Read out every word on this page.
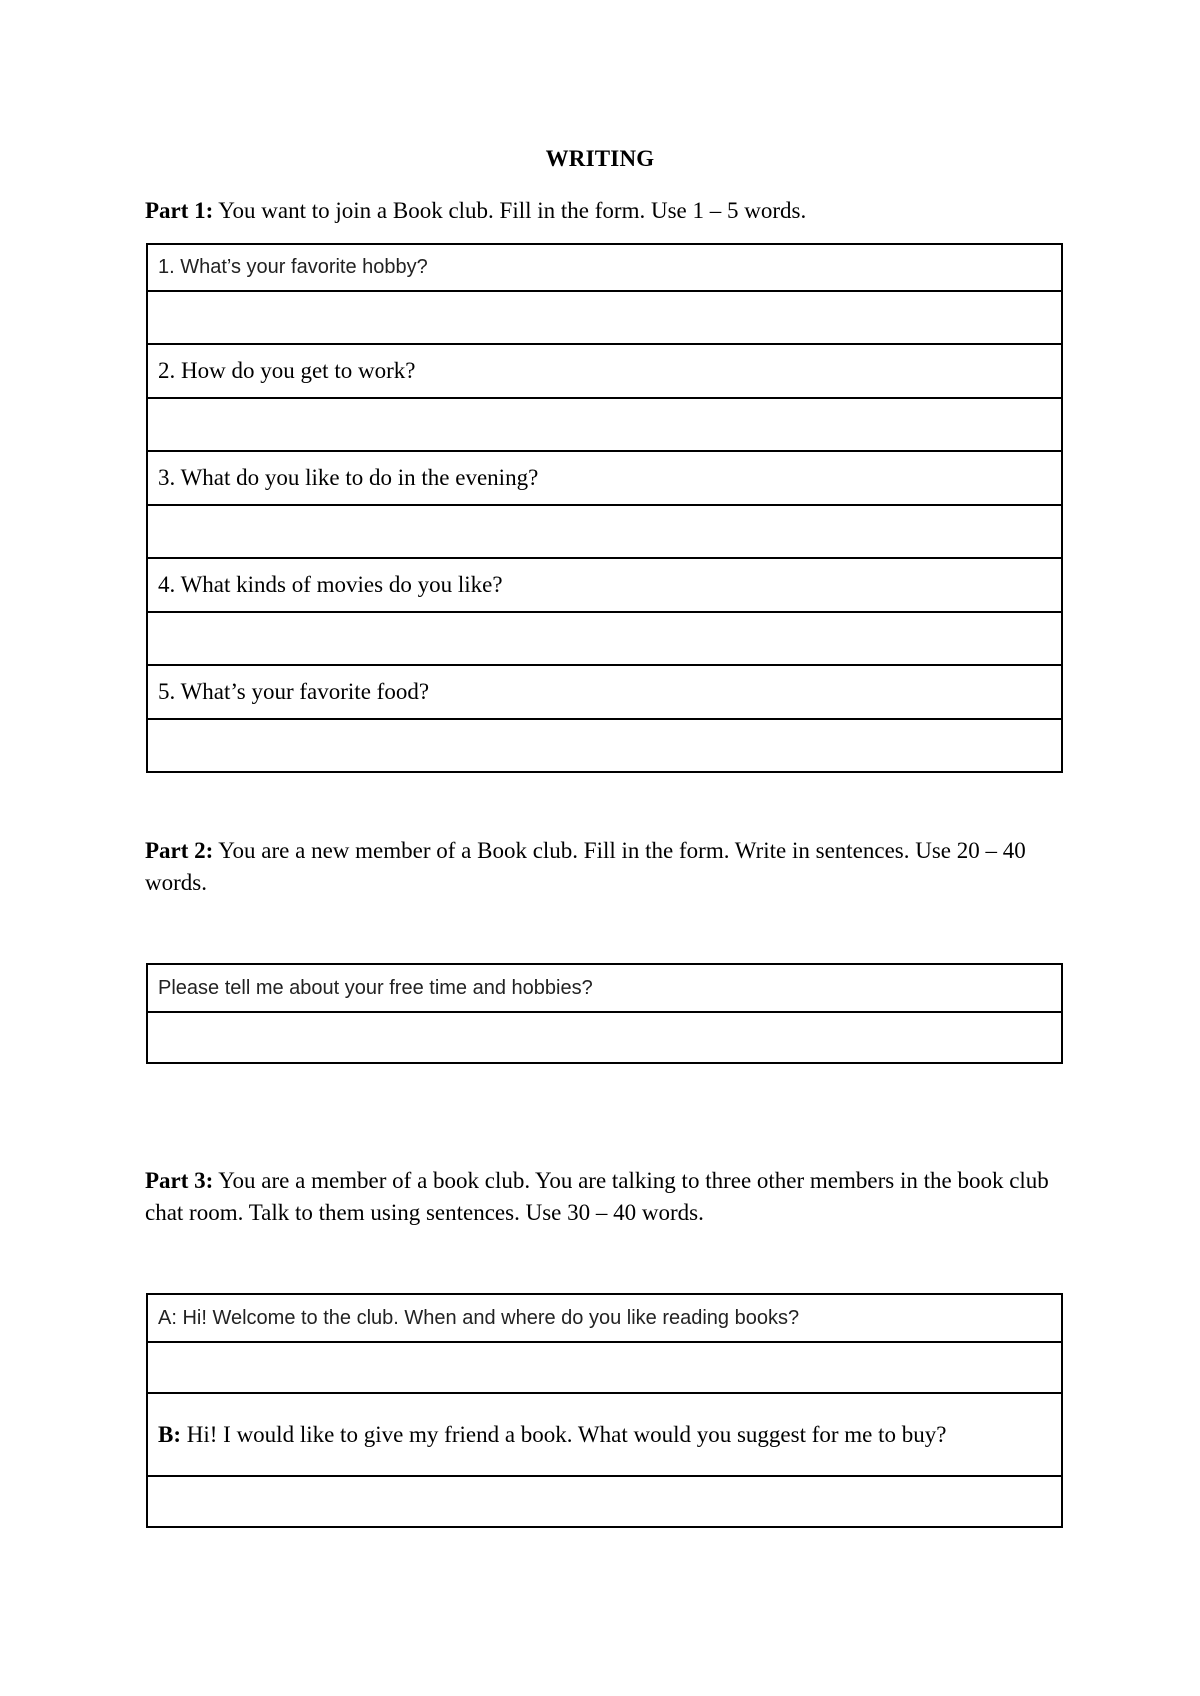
WRITING
Part 1: You want to join a Book club. Fill in the form. Use 1 – 5 words.
1. What’s your favorite hobby?

2. How do you get to work?

3. What do you like to do in the evening?

4. What kinds of movies do you like?

5. What’s your favorite food?

Part 2: You are a new member of a Book club. Fill in the form. Write in sentences. Use 20 – 40 words.
Please tell me about your free time and hobbies?

Part 3: You are a member of a book club. You are talking to three other members in the book club chat room. Talk to them using sentences. Use 30 – 40 words.
A: Hi! Welcome to the club. When and where do you like reading books?

B: Hi! I would like to give my friend a book. What would you suggest for me to buy?
